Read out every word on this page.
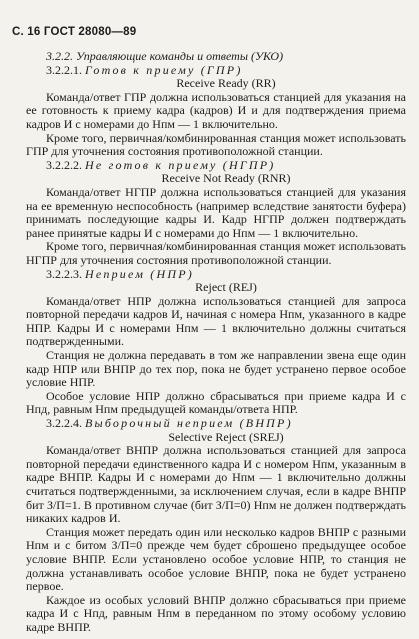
С. 16 ГОСТ 28080—89

3.2.2. Управляющие команды и ответы (УКО)

3.2.2.1. Готов к приему (ГПР)

Receive Ready (RR)

Команда/ответ ГПР должна использоваться станцией для указания на ее готовность к приему кадра (кадров) И и для подтверждения приема кадров И с номерами до Нпм — 1 включительно.

Кроме того, первичная/комбинированная станция может использовать ГПР для уточнения состояния противоположной станции.

3.2.2.2. Не готов к приему (НГПР)

Receive Not Ready (RNR)

Команда/ответ НГПР должна использоваться станцией для указания на ее временную неспособность (например вследствие занятости буфера) принимать последующие кадры И. Кадр НГПР должен подтверждать ранее принятые кадры И с номерами до Нпм — 1 включительно.

Кроме того, первичная/комбинированная станция может использовать НГПР для уточнения состояния противоположной станции.

3.2.2.3. Неприем (НПР)

Reject (REJ)

Команда/ответ НПР должна использоваться станцией для запроса повторной передачи кадров И, начиная с номера Нпм, указанного в кадре НПР. Кадры И с номерами Нпм — 1 включительно должны считаться подтвержденными.

Станция не должна передавать в том же направлении звена еще один кадр НПР или ВНПР до тех пор, пока не будет устранено первое особое условие НПР.

Особое условие НПР должно сбрасываться при приеме кадра И с Нпд, равным Нпм предыдущей команды/ответа НПР.

3.2.2.4. Выборочный неприем (ВНПР)

Selective Reject (SREJ)

Команда/ответ ВНПР должна использоваться станцией для запроса повторной передачи единственного кадра И с номером Нпм, указанным в кадре ВНПР. Кадры И с номерами до Нпм — 1 включительно должны считаться подтвержденными, за исключением случая, если в кадре ВНПР бит З/П=1. В противном случае (бит З/П=0) Нпм не должен подтверждать никаких кадров И.

Станция может передать один или несколько кадров ВНПР с разными Нпм и с битом З/П=0 прежде чем будет сброшено предыдущее особое условие ВНПР. Если установлено особое условие НПР, то станция не должна устанавливать особое условие ВНПР, пока не будет устранено первое.

Каждое из особых условий ВНПР должно сбрасываться при приеме кадра И с Нпд, равным Нпм в переданном по этому особому условию кадре ВНПР.
